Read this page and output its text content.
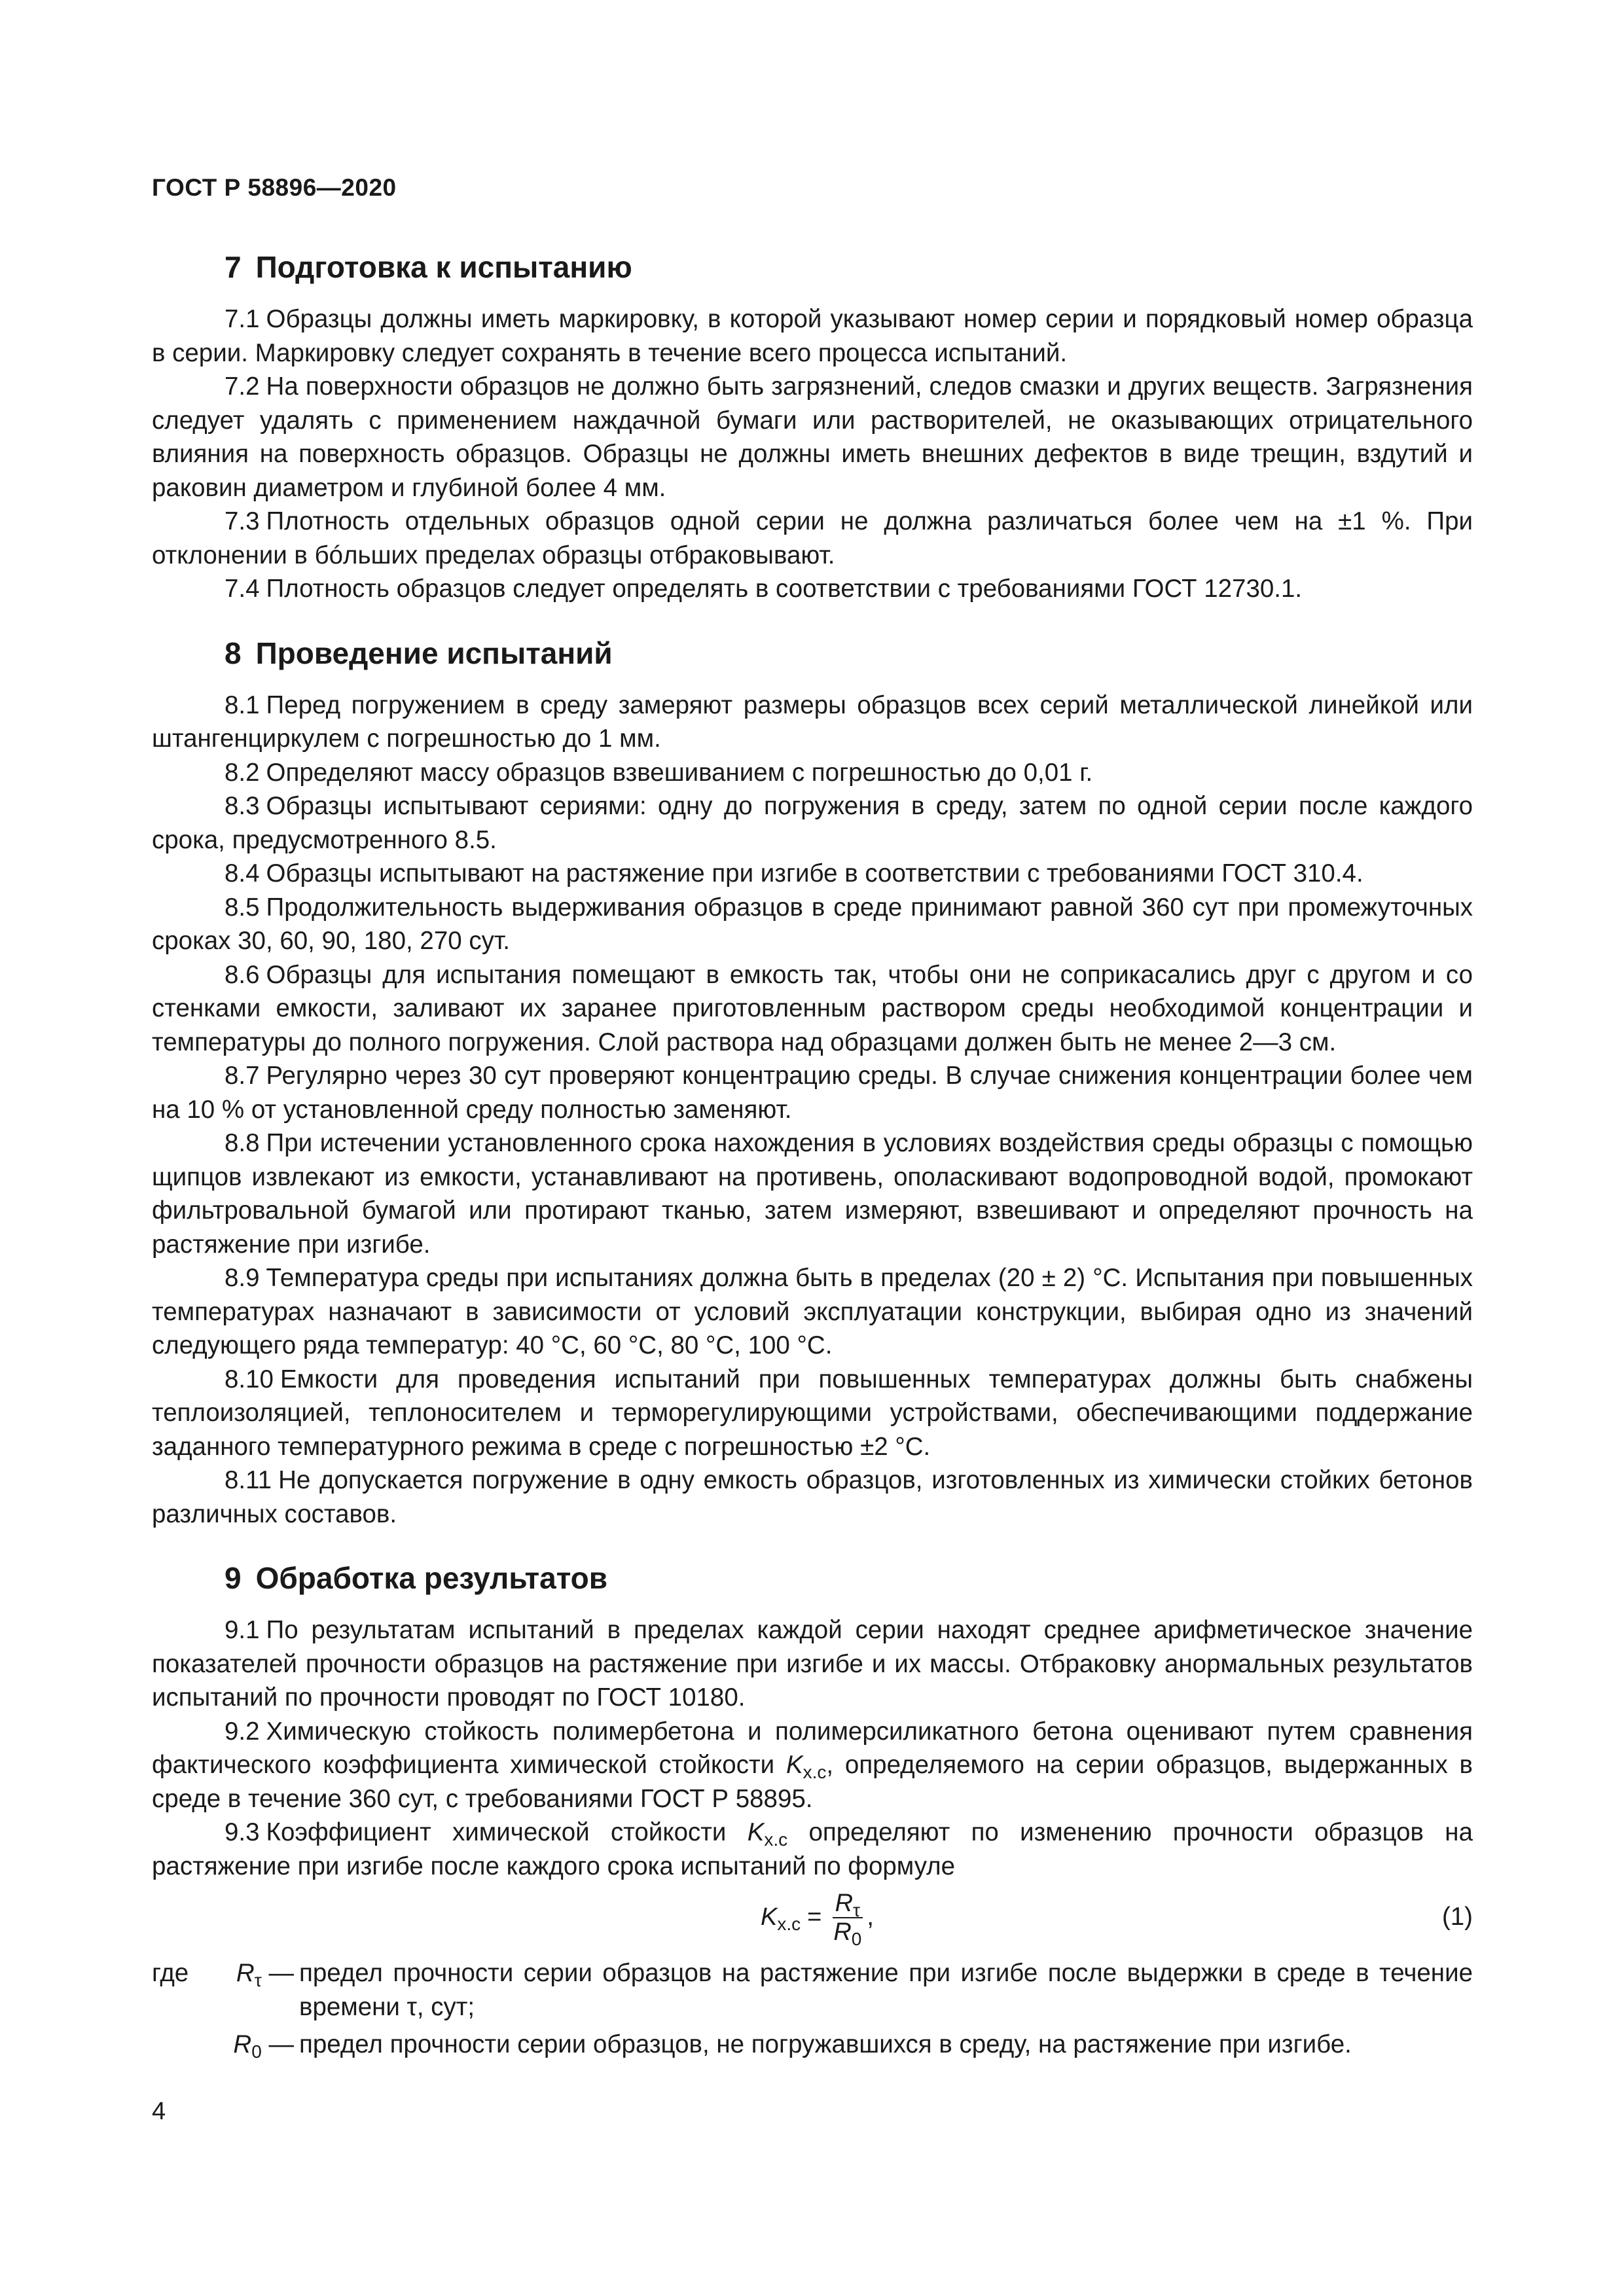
ГОСТ Р 58896—2020
7 Подготовка к испытанию

7.1 Образцы должны иметь маркировку, в которой указывают номер серии и порядковый номер образца в серии. Маркировку следует сохранять в течение всего процесса испытаний.

7.2 На поверхности образцов не должно быть загрязнений, следов смазки и других веществ. Загрязнения следует удалять с применением наждачной бумаги или растворителей, не оказывающих отрицательного влияния на поверхность образцов. Образцы не должны иметь внешних дефектов в виде трещин, вздутий и раковин диаметром и глубиной более 4 мм.

7.3 Плотность отдельных образцов одной серии не должна различаться более чем на ±1 %. При отклонении в бóльших пределах образцы отбраковывают.

7.4 Плотность образцов следует определять в соответствии с требованиями ГОСТ 12730.1.

8 Проведение испытаний

8.1 Перед погружением в среду замеряют размеры образцов всех серий металлической линейкой или штангенциркулем с погрешностью до 1 мм.

8.2 Определяют массу образцов взвешиванием с погрешностью до 0,01 г.

8.3 Образцы испытывают сериями: одну до погружения в среду, затем по одной серии после каждого срока, предусмотренного 8.5.

8.4 Образцы испытывают на растяжение при изгибе в соответствии с требованиями ГОСТ 310.4.

8.5 Продолжительность выдерживания образцов в среде принимают равной 360 сут при промежуточных сроках 30, 60, 90, 180, 270 сут.

8.6 Образцы для испытания помещают в емкость так, чтобы они не соприкасались друг с другом и со стенками емкости, заливают их заранее приготовленным раствором среды необходимой концентрации и температуры до полного погружения. Слой раствора над образцами должен быть не менее 2—3 см.

8.7 Регулярно через 30 сут проверяют концентрацию среды. В случае снижения концентрации более чем на 10 % от установленной среду полностью заменяют.

8.8 При истечении установленного срока нахождения в условиях воздействия среды образцы с помощью щипцов извлекают из емкости, устанавливают на противень, ополаскивают водопроводной водой, промокают фильтровальной бумагой или протирают тканью, затем измеряют, взвешивают и определяют прочность на растяжение при изгибе.

8.9 Температура среды при испытаниях должна быть в пределах (20 ± 2) °С. Испытания при повышенных температурах назначают в зависимости от условий эксплуатации конструкции, выбирая одно из значений следующего ряда температур: 40 °С, 60 °С, 80 °С, 100 °С.

8.10 Емкости для проведения испытаний при повышенных температурах должны быть снабжены теплоизоляцией, теплоносителем и терморегулирующими устройствами, обеспечивающими поддержание заданного температурного режима в среде с погрешностью ±2 °С.

8.11 Не допускается погружение в одну емкость образцов, изготовленных из химически стойких бетонов различных составов.

9 Обработка результатов

9.1 По результатам испытаний в пределах каждой серии находят среднее арифметическое значение показателей прочности образцов на растяжение при изгибе и их массы. Отбраковку анормальных результатов испытаний по прочности проводят по ГОСТ 10180.

9.2 Химическую стойкость полимербетона и полимерсиликатного бетона оценивают путем сравнения фактического коэффициента химической стойкости $K_{х.с}$, определяемого на серии образцов, выдержанных в среде в течение 360 сут, с требованиями ГОСТ Р 58895.

9.3 Коэффициент химической стойкости $K_{х.с}$ определяют по изменению прочности образцов на растяжение при изгибе после каждого срока испытаний по формуле

$K_{х.с} = \frac{R_\tau}{R_0}$ ,	(1)
где	$R_\tau$ — предел прочности серии образцов на растяжение при изгибе после выдержки в среде в течение времени τ, сут;
$R_0$ — предел прочности серии образцов, не погружавшихся в среду, на растяжение при изгибе.
4
